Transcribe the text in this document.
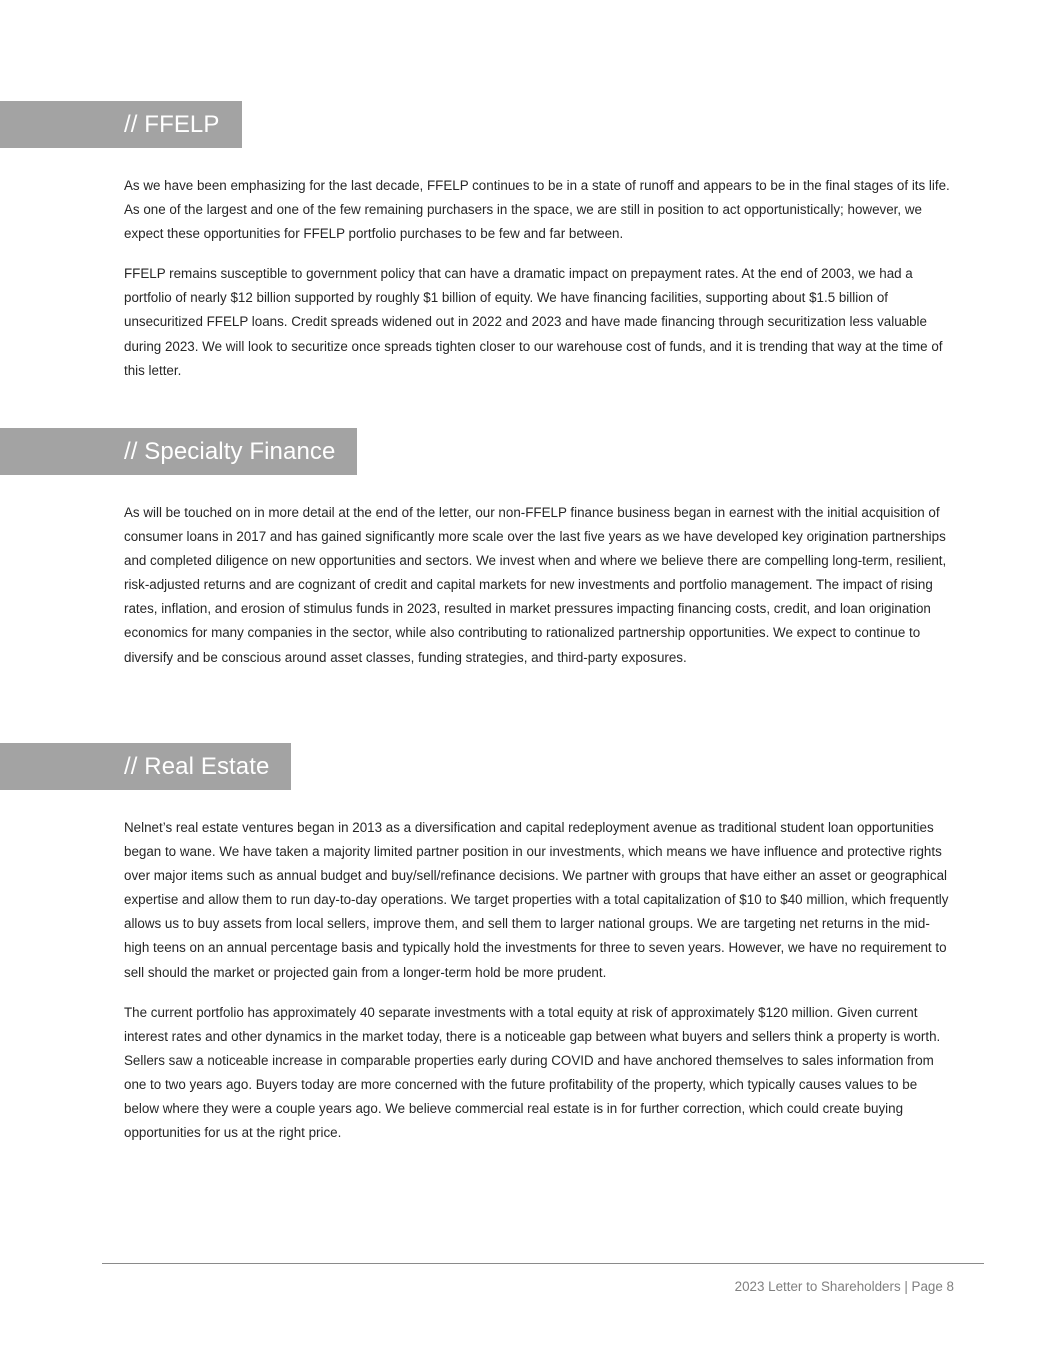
// FFELP

As we have been emphasizing for the last decade, FFELP continues to be in a state of runoff and appears to be in the final stages of its life. As one of the largest and one of the few remaining purchasers in the space, we are still in position to act opportunistically; however, we expect these opportunities for FFELP portfolio purchases to be few and far between.

FFELP remains susceptible to government policy that can have a dramatic impact on prepayment rates. At the end of 2003, we had a portfolio of nearly $12 billion supported by roughly $1 billion of equity. We have financing facilities, supporting about $1.5 billion of unsecuritized FFELP loans. Credit spreads widened out in 2022 and 2023 and have made financing through securitization less valuable during 2023. We will look to securitize once spreads tighten closer to our warehouse cost of funds, and it is trending that way at the time of this letter.

// Specialty Finance

As will be touched on in more detail at the end of the letter, our non-FFELP finance business began in earnest with the initial acquisition of consumer loans in 2017 and has gained significantly more scale over the last five years as we have developed key origination partnerships and completed diligence on new opportunities and sectors. We invest when and where we believe there are compelling long-term, resilient, risk-adjusted returns and are cognizant of credit and capital markets for new investments and portfolio management. The impact of rising rates, inflation, and erosion of stimulus funds in 2023, resulted in market pressures impacting financing costs, credit, and loan origination economics for many companies in the sector, while also contributing to rationalized partnership opportunities. We expect to continue to diversify and be conscious around asset classes, funding strategies, and third-party exposures.

// Real Estate

Nelnet’s real estate ventures began in 2013 as a diversification and capital redeployment avenue as traditional student loan opportunities began to wane. We have taken a majority limited partner position in our investments, which means we have influence and protective rights over major items such as annual budget and buy/sell/refinance decisions. We partner with groups that have either an asset or geographical expertise and allow them to run day-to-day operations. We target properties with a total capitalization of $10 to $40 million, which frequently allows us to buy assets from local sellers, improve them, and sell them to larger national groups. We are targeting net returns in the mid-high teens on an annual percentage basis and typically hold the investments for three to seven years. However, we have no requirement to sell should the market or projected gain from a longer-term hold be more prudent.

The current portfolio has approximately 40 separate investments with a total equity at risk of approximately $120 million. Given current interest rates and other dynamics in the market today, there is a noticeable gap between what buyers and sellers think a property is worth. Sellers saw a noticeable increase in comparable properties early during COVID and have anchored themselves to sales information from one to two years ago. Buyers today are more concerned with the future profitability of the property, which typically causes values to be below where they were a couple years ago. We believe commercial real estate is in for further correction, which could create buying opportunities for us at the right price.

2023 Letter to Shareholders | Page 8
